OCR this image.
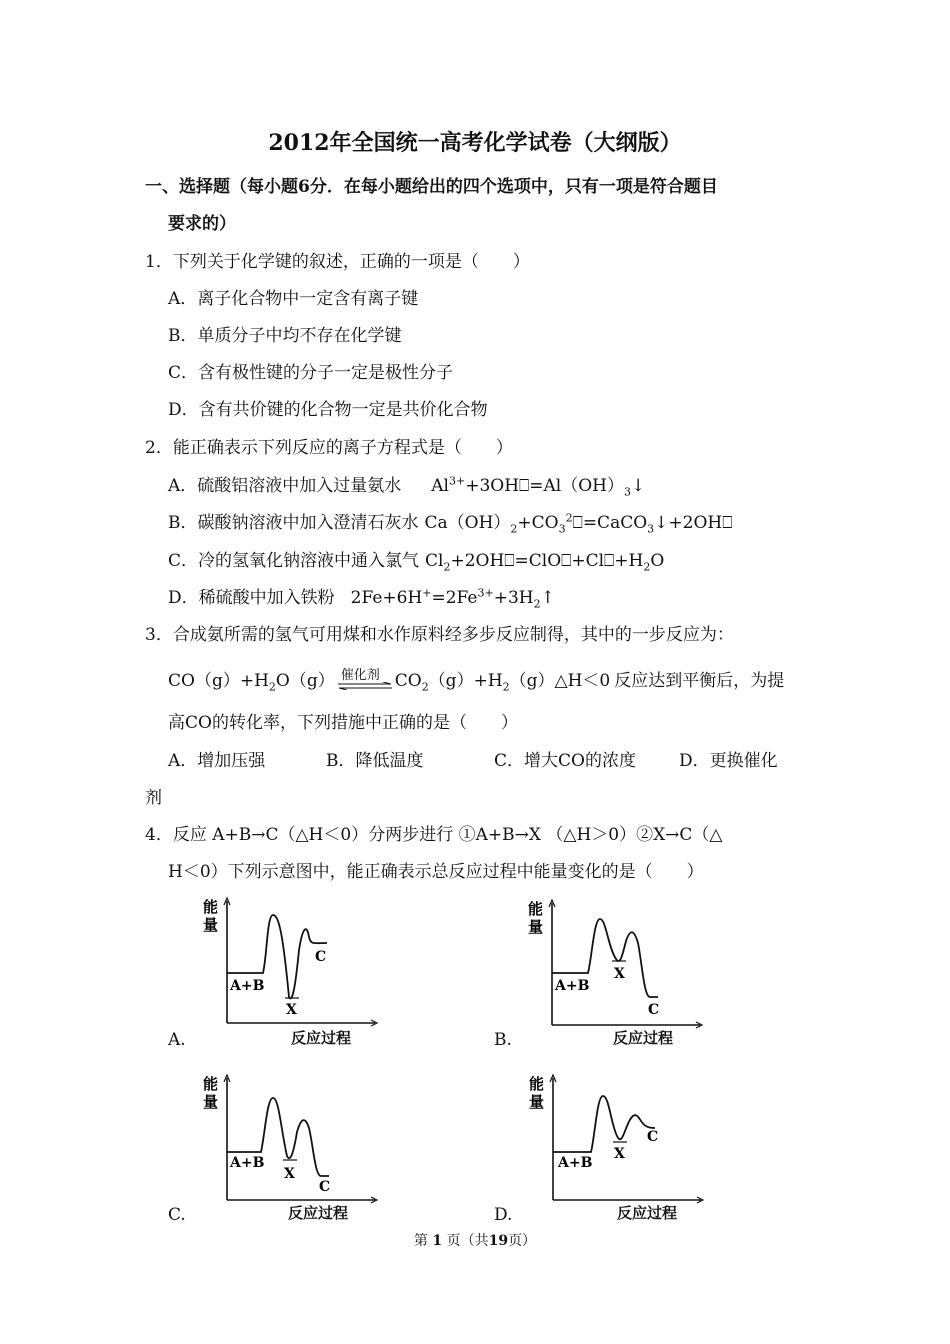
2012年全国统一高考化学试卷（大纲版）
一、选择题（每小题6分．在每小题给出的四个选项中，只有一项是符合题目
要求的）
1．下列关于化学键的叙述，正确的一项是（　　）
A．离子化合物中一定含有离子键
B．单质分子中均不存在化学键
C．含有极性键的分子一定是极性分子
D．含有共价键的化合物一定是共价化合物
2．能正确表示下列反应的离子方程式是（　　）
A．硫酸铝溶液中加入过量氨水 $Al^{3+}+3OH⎕=Al(OH)_3↓$
B．碳酸钠溶液中加入澄清石灰水 $Ca(OH)_2+CO_3^2⎕=CaCO_3↓+2OH⎕$
C．冷的氢氧化钠溶液中通入氯气 $Cl_2+2OH⎕=ClO⎕+Cl⎕+H_2O$
D．稀硫酸中加入铁粉 $2Fe+6H^+=2Fe^{3+}+3H_2↑$
3．合成氨所需的氢气可用煤和水作原料经多步反应制得，其中的一步反应为：
$CO(g)+H_2O(g)$ 催化剂 $CO_2(g)+H_2(g)\triangle H<0$ 反应达到平衡后，为提
高CO的转化率，下列措施中正确的是（　　）
A．增加压强	B．降低温度	C．增大CO的浓度	D．更换催化
剂
4．反应 A+B→C（△H＜0）分两步进行 ①A+B→X （△H＞0）②X→C（△
H＜0）下列示意图中，能正确表示总反应过程中能量变化的是（　　）
能
量
A+B
X
C
A.	反应过程
能
量
A+B
X
C
B.	反应过程
能
量
A+B
X
C
C.	反应过程
能
量
A+B
X
C
D.	反应过程
第 1 页（共19页）
